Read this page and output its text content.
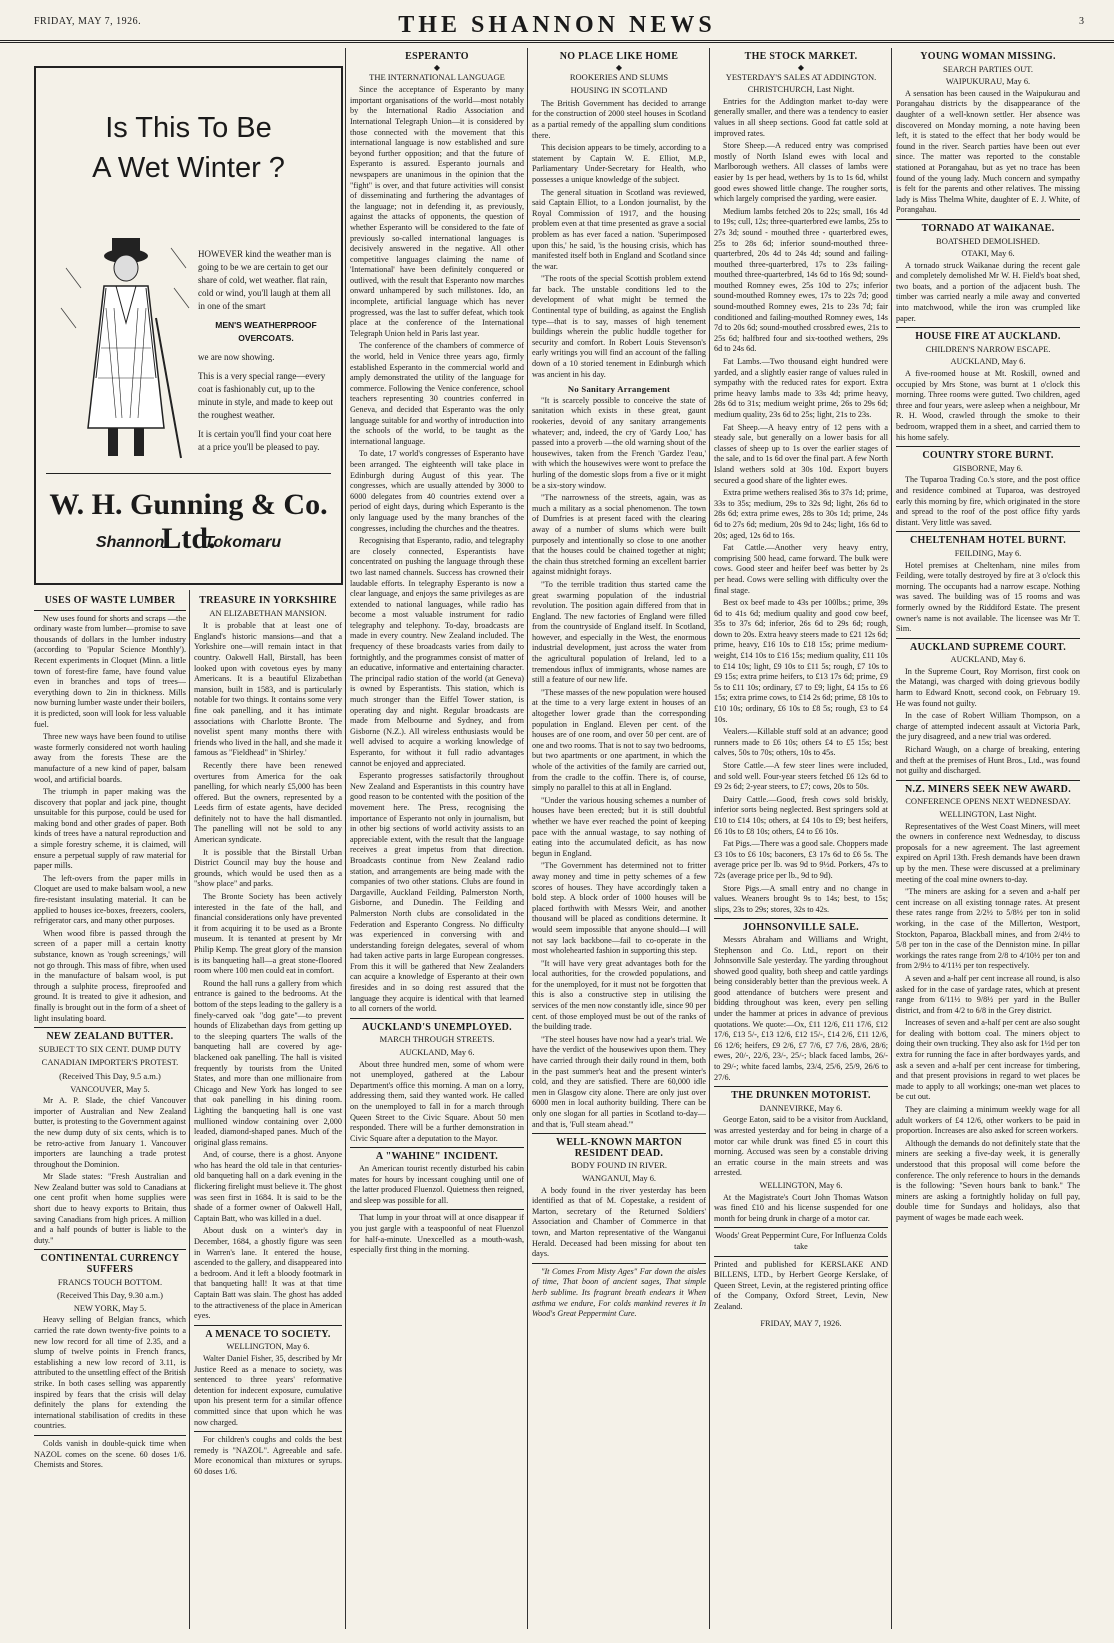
FRIDAY, MAY 7, 1926.	THE SHANNON NEWS	3
Is This To Be
A Wet Winter ?

HOWEVER kind the weather man is going to be we are certain to get our share of cold, wet weather. flat rain, cold or wind, you'll laugh at them all in one of the smart

MEN'S WEATHERPROOF OVERCOATS.

we are now showing.

This is a very special range—every coat is fashionably cut, up to the minute in style, and made to keep out the roughest weather.

It is certain you'll find your coat here at a price you'll be pleased to pay.

W. H. Gunning & Co. Ltd.
Shannon	Tokomaru
USES OF WASTE LUMBER

New uses found for shorts and scraps —the ordinary waste from lumber—promise to save thousands of dollars in the lumber industry (according to 'Popular Science Monthly'). Recent experiments in Cloquet (Minn. a little town of forest-fire fame, have found value even in branches and tops of trees—everything down to 2in in thickness. Mills now burning lumber waste under their boilers, it is predicted, soon will look for less valuable fuel.

Three new ways have been found to utilise waste formerly considered not worth hauling away from the forests These are the manufacture of a new kind of paper, balsam wool, and artificial boards.

The triumph in paper making was the discovery that poplar and jack pine, thought unsuitable for this purpose, could be used for making bond and other grades of paper. Both kinds of trees have a natural reproduction and a simple forestry scheme, it is claimed, will ensure a perpetual supply of raw material for paper mills.

The left-overs from the paper mills in Cloquet are used to make balsam wool, a new fire-resistant insulating material. It can be applied to houses ice-boxes, freezers, coolers, refrigerator cars, and many other purposes.

When wood fibre is passed through the screen of a paper mill a certain knotty substance, known as 'rough screenings,' will not go through. This mass of fibre, when used in the manufacture of balsam wool, is put through a sulphite process, fireproofed and ground. It is treated to give it adhesion, and finally is brought out in the form of a sheet of light insulating board.

NEW ZEALAND BUTTER.
SUBJECT TO SIX CENT. DUMP DUTY
CANADIAN IMPORTER'S PROTEST.
(Received This Day, 9.5 a.m.)
VANCOUVER, May 5.

Mr A. P. Slade, the chief Vancouver importer of Australian and New Zealand butter, is protesting to the Government against the new dump duty of six cents, which is to be retro-active from January 1. Vancouver importers are launching a trade protest throughout the Dominion.

Mr Slade states: "Fresh Australian and New Zealand butter was sold to Canadians at one cent profit when home supplies were short due to heavy exports to Britain, thus saving Canadians from high prices. A million and a half pounds of butter is liable to the duty."

CONTINENTAL CURRENCY SUFFERS
FRANCS TOUCH BOTTOM.
(Received This Day, 9.30 a.m.)
NEW YORK, May 5.

Heavy selling of Belgian francs, which carried the rate down twenty-five points to a new low record for all time of 2.35, and a slump of twelve points in French francs, establishing a new low record of 3.11, is attributed to the unsettling effect of the British strike. In both cases selling was apparently inspired by fears that the crisis will delay definitely the plans for extending the international stabilisation of credits in these countries.

Colds vanish in double-quick time when NAZOL comes on the scene. 60 doses 1/6. Chemists and Stores.

TREASURE IN YORKSHIRE
AN ELIZABETHAN MANSION.

It is probable that at least one of England's historic mansions—and that a Yorkshire one—will remain intact in that country. Oakwell Hall, Birstall, has been looked upon with covetous eyes by many Americans. It is a beautiful Elizabethan mansion, built in 1583, and is particularly notable for two things. It contains some very fine oak panelling, and it has intimate associations with Charlotte Bronte. The novelist spent many months there with friends who lived in the hall, and she made it famous as "Fieldhead" in 'Shirley.'

Recently there have been renewed overtures from America for the oak panelling, for which nearly £5,000 has been offered. But the owners, represented by a Leeds firm of estate agents, have decided definitely not to have the hall dismantled. The panelling will not be sold to any American syndicate.

It is possible that the Birstall Urban District Council may buy the house and grounds, which would be used then as a "show place" and parks.

The Bronte Society has been actively interested in the fate of the hall, and financial considerations only have prevented it from acquiring it to be used as a Bronte museum. It is tenanted at present by Mr Philip Kemp. The great glory of the mansion is its banqueting hall—a great stone-floored room where 100 men could eat in comfort.

Round the hall runs a gallery from which entrance is gained to the bedrooms. At the bottom of the steps leading to the gallery is a finely-carved oak "dog gate"—to prevent hounds of Elizabethan days from getting up to the sleeping quarters The walls of the banqueting hall are covered by age-blackened oak panelling. The hall is visited frequently by tourists from the United States, and more than one millionaire from Chicago and New York has longed to see that oak panelling in his dining room. Lighting the banqueting hall is one vast mullioned window containing over 2,000 leaded, diamond-shaped panes. Much of the original glass remains.

And, of course, there is a ghost. Anyone who has heard the old tale in that centuries-old banqueting hall on a dark evening in the flickering firelight must believe it. The ghost was seen first in 1684. It is said to be the shade of a former owner of Oakwell Hall, Captain Batt, who was killed in a duel.

About dusk on a winter's day in December, 1684, a ghostly figure was seen in Warren's lane. It entered the house, ascended to the gallery, and disappeared into a bedroom. And it left a bloody footmark in that banqueting hall! It was at that time Captain Batt was slain. The ghost has added to the attractiveness of the place in American eyes.

A MENACE TO SOCIETY.
WELLINGTON, May 6.

Walter Daniel Fisher, 35, described by Mr Justice Reed as a menace to society, was sentenced to three years' reformative detention for indecent exposure, cumulative upon his present term for a similar offence committed since that upon which he was now charged.

For children's coughs and colds the best remedy is "NAZOL". Agreeable and safe. More economical than mixtures or syrups. 60 doses 1/6.

ESPERANTO
◆
THE INTERNATIONAL LANGUAGE

Since the acceptance of Esperanto by many important organisations of the world—most notably by the International Radio Association and International Telegraph Union—it is considered by those connected with the movement that this international language is now established and sure beyond further opposition; and that the future of Esperanto is assured. Esperanto journals and newspapers are unanimous in the opinion that the "fight" is over, and that future activities will consist of disseminating and furthering the advantages of the language; not in defending it, as previously, against the attacks of opponents, the question of whether Esperanto will be considered to the fate of previously so-called international languages is decisively answered in the negative. All other competitive languages claiming the name of 'International' have been definitely conquered or outlived, with the result that Esperanto now marches onward unhampered by such millstones. Ido, an incomplete, artificial language which has never progressed, was the last to suffer defeat, which took place at the conference of the International Telegraph Union held in Paris last year.

The conference of the chambers of commerce of the world, held in Venice three years ago, firmly established Esperanto in the commercial world and amply demonstrated the utility of the language for commerce. Following the Venice conference, school teachers representing 30 countries conferred in Geneva, and decided that Esperanto was the only language suitable for and worthy of introduction into the schools of the world, to be taught as the international language.

To date, 17 world's congresses of Esperanto have been arranged. The eighteenth will take place in Edinburgh during August of this year. The congresses, which are usually attended by 3000 to 6000 delegates from 40 countries extend over a period of eight days, during which Esperanto is the only language used by the many branches of the congresses, including the churches and the theatres.

Recognising that Esperanto, radio, and telegraphy are closely connected, Esperantists have concentrated on pushing the language through these two last named channels. Success has crowned their laudable efforts. In telegraphy Esperanto is now a clear language, and enjoys the same privileges as are extended to national languages, while radio has become a most valuable instrument for radio telegraphy and telephony. To-day, broadcasts are made in every country. New Zealand included. The frequency of these broadcasts varies from daily to fortnightly, and the programmes consist of matter of an educative, informative and entertaining character. The principal radio station of the world (at Geneva) is owned by Esperantists. This station, which is much stronger than the Eiffel Tower station, is operating day and night. Regular broadcasts are made from Melbourne and Sydney, and from Gisborne (N.Z.). All wireless enthusiasts would be well advised to acquire a working knowledge of Esperanto, for without it full radio advantages cannot be enjoyed and appreciated.

Esperanto progresses satisfactorily throughout New Zealand and Esperantists in this country have good reason to be contented with the position of the movement here. The Press, recognising the importance of Esperanto not only in journalism, but in other big sections of world activity assists to an appreciable extent, with the result that the language receives a great impetus from that direction. Broadcasts continue from New Zealand radio station, and arrangements are being made with the companies of two other stations. Clubs are found in Dargaville, Auckland Feilding, Palmerston North, Gisborne, and Dunedin. The Feilding and Palmerston North clubs are consolidated in the Federation and Esperanto Congress. No difficulty was experienced in conversing with and understanding foreign delegates, several of whom had taken active parts in large European congresses. From this it will be gathered that New Zealanders can acquire a knowledge of Esperanto at their own firesides and in so doing rest assured that the language they acquire is identical with that learned to all corners of the world.

AUCKLAND'S UNEMPLOYED.
MARCH THROUGH STREETS.
AUCKLAND, May 6.

About three hundred men, some of whom were not unemployed, gathered at the Labour Department's office this morning. A man on a lorry, addressing them, said they wanted work. He called on the unemployed to fall in for a march through Queen Street to the Civic Square. About 50 men responded. There will be a further demonstration in Civic Square after a deputation to the Mayor.

A "WAHINE" INCIDENT.

An American tourist recently disturbed his cabin mates for hours by incessant coughing until one of the latter produced Fluenzol. Quietness then reigned, and sleep was possible for all.

That lump in your throat will at once disappear if you just gargle with a teaspoonful of neat Fluenzol for half-a-minute. Unexcelled as a mouth-wash, especially first thing in the morning.

NO PLACE LIKE HOME
◆
ROOKERIES AND SLUMS
HOUSING IN SCOTLAND

The British Government has decided to arrange for the construction of 2000 steel houses in Scotland as a partial remedy of the appalling slum conditions there.

This decision appears to be timely, according to a statement by Captain W. E. Elliot, M.P., Parliamentary Under-Secretary for Health, who possesses a unique knowledge of the subject.

The general situation in Scotland was reviewed, said Captain Elliot, to a London journalist, by the Royal Commission of 1917, and the housing problem even at that time presented as grave a social problem as has ever faced a nation. 'Superimposed upon this,' he said, 'is the housing crisis, which has manifested itself both in England and Scotland since the war.

"The roots of the special Scottish problem extend far back. The unstable conditions led to the development of what might be termed the Continental type of building, as against the English type—that is to say, masses of high tenement buildings wherein the public huddle together for security and comfort. In Robert Louis Stevenson's early writings you will find an account of the falling down of a 10 storied tenement in Edinburgh which was ancient in his day.

No Sanitary Arrangement

"It is scarcely possible to conceive the state of sanitation which exists in these great, gaunt rookeries, devoid of any sanitary arrangements whatever; and, indeed, the cry of 'Gardy Loo,' has passed into a proverb —the old warning shout of the housewives, taken from the French 'Gardez l'eau,' with which the housewives were wont to preface the hurling of the domestic slops from a five or it might be a six-story window.

"The narrowness of the streets, again, was as much a military as a social phenomenon. The town of Dumfries is at present faced with the clearing away of a number of slums which were built purposely and intentionally so close to one another that the houses could be chained together at night; the chain thus stretched forming an excellent barrier against midnight forays.

"To the terrible tradition thus started came the great swarming population of the industrial revolution. The position again differed from that in England. The new factories of England were filled from the countryside of England itself. In Scotland, however, and especially in the West, the enormous industrial development, just across the water from the agricultural population of Ireland, led to a tremendous influx of immigrants, whose names are still a feature of our new life.

"These masses of the new population were housed at the time to a very large extent in houses of an altogether lower grade than the corresponding population in England. Eleven per cent. of the houses are of one room, and over 50 per cent. are of one and two rooms. That is not to say two bedrooms, but two apartments or one apartment, in which the whole of the activities of the family are carried out, from the cradle to the coffin. There is, of course, simply no parallel to this at all in England.

"Under the various housing schemes a number of houses have been erected; but it is still doubtful whether we have ever reached the point of keeping pace with the annual wastage, to say nothing of eating into the accumulated deficit, as has now begun in England.

"The Government has determined not to fritter away money and time in petty schemes of a few scores of houses. They have accordingly taken a bold step. A block order of 1000 houses will be placed forthwith with Messrs Weir, and another thousand will be placed as conditions determine. It would seem impossible that anyone should—I will not say lack backbone—fail to co-operate in the most wholehearted fashion in supporting this step.

"It will have very great advantages both for the local authorities, for the crowded populations, and for the unemployed, for it must not be forgotten that this is also a constructive step in utilising the services of the men now constantly idle, since 90 per cent. of those employed must be out of the ranks of the building trade.

"The steel houses have now had a year's trial. We have the verdict of the housewives upon them. They have carried through their daily round in them, both in the past summer's heat and the present winter's cold, and they are satisfied. There are 60,000 idle men in Glasgow city alone. There are only just over 6000 men in local authority building. There can be only one slogan for all parties in Scotland to-day—and that is, 'Full steam ahead.'"

WELL-KNOWN MARTON RESIDENT DEAD.
BODY FOUND IN RIVER.
WANGANUI, May 6.

A body found in the river yesterday has been identified as that of M. Copestake, a resident of Marton, secretary of the Returned Soldiers' Association and Chamber of Commerce in that town, and Marton representative of the Wanganui Herald. Deceased had been missing for about ten days.

"It Comes From Misty Ages" Far down the aisles of time, That boon of ancient sages, That simple herb sublime. Its fragrant breath endears it When asthma we endure, For colds mankind reveres it In Wood's Great Peppermint Cure.

THE STOCK MARKET.
◆
YESTERDAY'S SALES AT ADDINGTON.
CHRISTCHURCH, Last Night.

Entries for the Addington market to-day were generally smaller, and there was a tendency to easier values in all sheep sections. Good fat cattle sold at improved rates.

Store Sheep.—A reduced entry was comprised mostly of North Island ewes with local and Marlborough wethers. All classes of lambs were easier by 1s per head, wethers by 1s to 1s 6d, whilst good ewes showed little change. The rougher sorts, which largely comprised the yarding, were easier.

Medium lambs fetched 20s to 22s; small, 16s 4d to 19s; cull, 12s; three-quarterbred ewe lambs, 25s to 27s 3d; sound - mouthed three - quarterbred ewes, 25s to 28s 6d; inferior sound-mouthed three-quarterbred, 20s 4d to 24s 4d; sound and failing-mouthed three-quarterbred, 17s to 23s failing-mouthed three-quarterbred, 14s 6d to 16s 9d; sound-mouthed Romney ewes, 25s 10d to 27s; inferior sound-mouthed Romney ewes, 17s to 22s 7d; good sound-mouthed Romney ewes, 21s to 23s 7d; fair conditioned and failing-mouthed Romney ewes, 14s 7d to 20s 6d; sound-mouthed crossbred ewes, 21s to 25s 6d; halfbred four and six-toothed wethers, 29s 6d to 24s 6d.

Fat Lambs.—Two thousand eight hundred were yarded, and a slightly easier range of values ruled in sympathy with the reduced rates for export. Extra prime heavy lambs made to 33s 4d; prime heavy, 28s 6d to 31s; medium weight prime, 26s to 29s 6d; medium quality, 23s 6d to 25s; light, 21s to 23s.

Fat Sheep.—A heavy entry of 12 pens with a steady sale, but generally on a lower basis for all classes of sheep up to 1s over the earlier stages of the sale, and to 1s 6d over the final part. A few North Island wethers sold at 30s 10d. Export buyers secured a good share of the lighter ewes.

Extra prime wethers realised 36s to 37s 1d; prime, 33s to 35s; medium, 29s to 32s 9d; light, 26s 6d to 28s 6d; extra prime ewes, 28s to 30s 1d; prime, 24s 6d to 27s 6d; medium, 20s 9d to 24s; light, 16s 6d to 20s; aged, 12s 6d to 16s.

Fat Cattle.—Another very heavy entry, comprising 500 head, came forward. The bulk were cows. Good steer and heifer beef was better by 2s per head. Cows were selling with difficulty over the final stage.

Best ox beef made to 43s per 100lbs.; prime, 39s 6d to 41s 6d; medium quality and good cow beef, 35s to 37s 6d; inferior, 26s 6d to 29s 6d; rough, down to 20s. Extra heavy steers made to £21 12s 6d; prime, heavy, £16 10s to £18 15s; prime medium-weight, £14 10s to £16 15s; medium quality, £11 10s to £14 10s; light, £9 10s to £11 5s; rough, £7 10s to £9 15s; extra prime heifers, to £13 17s 6d; prime, £9 5s to £11 10s; ordinary, £7 to £9; light, £4 15s to £6 15s; extra prime cows, to £14 2s 6d; prime, £8 10s to £10 10s; ordinary, £6 10s to £8 5s; rough, £3 to £4 10s.

Vealers.—Killable stuff sold at an advance; good runners made to £6 10s; others £4 to £5 15s; best calves, 50s to 70s; others, 10s to 45s.

Store Cattle.—A few steer lines were included, and sold well. Four-year steers fetched £6 12s 6d to £9 2s 6d; 2-year steers, to £7; cows, 20s to 50s.

Dairy Cattle.—Good, fresh cows sold briskly, inferior sorts being neglected. Best springers sold at £10 to £14 10s; others, at £4 10s to £9; best heifers, £6 10s to £8 10s; others, £4 to £6 10s.

Fat Pigs.—There was a good sale. Choppers made £3 10s to £6 10s; baconers, £3 17s 6d to £6 5s. The average price per lb. was 9d to 9½d. Porkers, 47s to 72s (average price per lb., 9d to 9d).

Store Pigs.—A small entry and no change in values. Weaners brought 9s to 14s; best, to 15s; slips, 23s to 29s; stores, 32s to 42s.

JOHNSONVILLE SALE.

Messrs Abraham and Williams and Wright, Stephenson and Co. Ltd., report on their Johnsonville Sale yesterday. The yarding throughout showed good quality, both sheep and cattle yardings being considerably better than the previous week. A good attendance of butchers were present and bidding throughout was keen, every pen selling under the hammer at prices in advance of previous quotations. We quote:—Ox, £11 12/6, £11 17/6, £12 17/6, £13 5/-, £13 12/6, £12 15/-, £14 2/6, £11 12/6, £6 12/6; heifers, £9 2/6, £7 7/6, £7 7/6, 28/6, 28/6; ewes, 20/-, 22/6, 23/-, 25/-; black faced lambs, 26/- to 29/-; white faced lambs, 23/4, 25/6, 25/9, 26/6 to 27/6.

THE DRUNKEN MOTORIST.
DANNEVIRKE, May 6.

George Eaton, said to be a visitor from Auckland, was arrested yesterday and for being in charge of a motor car while drunk was fined £5 in court this morning. Accused was seen by a constable driving an erratic course in the main streets and was arrested.

WELLINGTON, May 6.

At the Magistrate's Court John Thomas Watson was fined £10 and his license suspended for one month for being drunk in charge of a motor car.

Woods' Great Peppermint Cure, For Influenza Colds take

Printed and published for KERSLAKE AND BILLENS, LTD., by Herbert George Kerslake, of Queen Street, Levin, at the registered printing office of the Company, Oxford Street, Levin, New Zealand.

FRIDAY, MAY 7, 1926.
YOUNG WOMAN MISSING.
SEARCH PARTIES OUT.
WAIPUKURAU, May 6.

A sensation has been caused in the Waipukurau and Porangahau districts by the disappearance of the daughter of a well-known settler. Her absence was discovered on Monday morning, a note having been left, it is stated to the effect that her body would be found in the river. Search parties have been out ever since. The matter was reported to the constable stationed at Porangahau, but as yet no trace has been found of the young lady. Much concern and sympathy is felt for the parents and other relatives. The missing lady is Miss Thelma White, daughter of E. J. White, of Porangahau.

TORNADO AT WAIKANAE.
BOATSHED DEMOLISHED.
OTAKI, May 6.

A tornado struck Waikanae during the recent gale and completely demolished Mr W. H. Field's boat shed, two boats, and a portion of the adjacent bush. The timber was carried nearly a mile away and converted into matchwood, while the iron was crumpled like paper.

HOUSE FIRE AT AUCKLAND.
CHILDREN'S NARROW ESCAPE.
AUCKLAND, May 6.

A five-roomed house at Mt. Roskill, owned and occupied by Mrs Stone, was burnt at 1 o'clock this morning. Three rooms were gutted. Two children, aged three and four years, were asleep when a neighbour, Mr R. H. Wood, crawled through the smoke to their bedroom, wrapped them in a sheet, and carried them to his home safely.

COUNTRY STORE BURNT.
GISBORNE, May 6.

The Tuparoa Trading Co.'s store, and the post office and residence combined at Tuparoa, was destroyed early this morning by fire, which originated in the store and spread to the roof of the post office fifty yards distant. Very little was saved.

CHELTENHAM HOTEL BURNT.
FEILDING, May 6.

Hotel premises at Cheltenham, nine miles from Feilding, were totally destroyed by fire at 3 o'clock this morning. The occupants had a narrow escape. Nothing was saved. The building was of 15 rooms and was formerly owned by the Riddiford Estate. The present owner's name is not available. The licensee was Mr T. Sim.

AUCKLAND SUPREME COURT.
AUCKLAND, May 6.

In the Supreme Court, Roy Morrison, first cook on the Matangi, was charged with doing grievous bodily harm to Edward Knott, second cook, on February 19. He was found not guilty.

In the case of Robert William Thompson, on a charge of attempted indecent assault at Victoria Park, the jury disagreed, and a new trial was ordered.

Richard Waugh, on a charge of breaking, entering and theft at the premises of Hunt Bros., Ltd., was found not guilty and discharged.

N.Z. MINERS SEEK NEW AWARD.
CONFERENCE OPENS NEXT WEDNESDAY.
WELLINGTON, Last Night.

Representatives of the West Coast Miners, will meet the owners in conference next Wednesday, to discuss proposals for a new agreement. The last agreement expired on April 13th. Fresh demands have been drawn up by the men. These were discussed at a preliminary meeting of the coal mine owners to-day.

"The miners are asking for a seven and a-half per cent increase on all existing tonnage rates. At present these rates range from 2/2½ to 5/8½ per ton in solid working, in the case of the Millerton, Westport, Stockton, Paparoa, Blackball mines, and from 2/4½ to 5/8 per ton in the case of the Denniston mine. In pillar workings the rates range from 2/8 to 4/10½ per ton and from 2/9½ to 4/11½ per ton respectively.

A seven and a-half per cent increase all round, is also asked for in the case of yardage rates, which at present range from 6/11½ to 9/8½ per yard in the Buller district, and from 4/2 to 6/8 in the Grey district.

Increases of seven and a-half per cent are also sought for dealing with bottom coal. The miners object to doing their own trucking. They also ask for 1½d per ton extra for running the face in after bordwayes yards, and ask a seven and a-half per cent increase for timbering, and that present provisions in regard to wet places be made to apply to all workings; one-man wet places to be cut out.

They are claiming a minimum weekly wage for all adult workers of £4 12/6, other workers to be paid in proportion. Increases are also asked for screen workers.

Although the demands do not definitely state that the miners are seeking a five-day week, it is generally understood that this proposal will come before the conference. The only reference to hours in the demands is the following: "Seven hours bank to bank." The miners are asking a fortnightly holiday on full pay, double time for Sundays and holidays, also that payment of wages be made each week.
